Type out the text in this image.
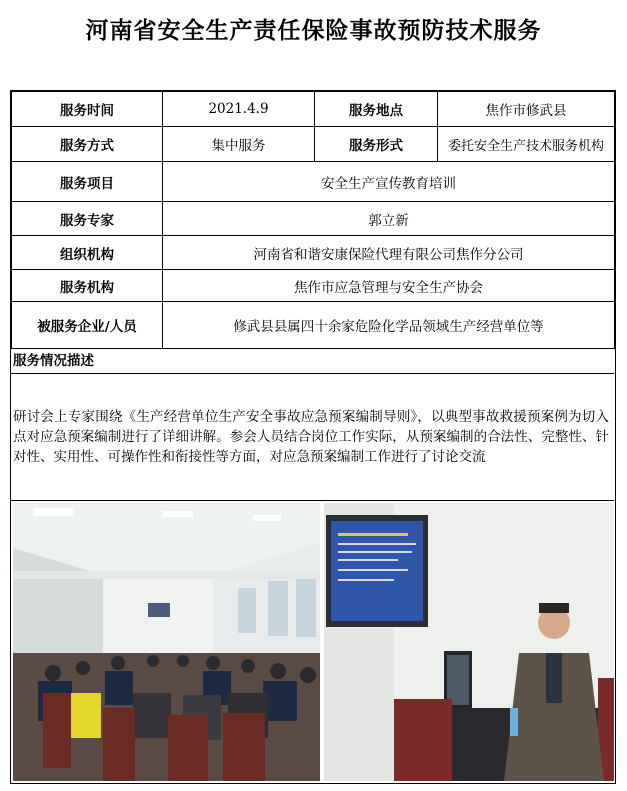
河南省安全生产责任保险事故预防技术服务
服务时间	2021.4.9	服务地点	焦作市修武县
服务方式	集中服务	服务形式	委托安全生产技术服务机构
服务项目	安全生产宣传教育培训		
服务专家	郭立新		
组织机构	河南省和谐安康保险代理有限公司焦作分公司		
服务机构	焦作市应急管理与安全生产协会		
被服务企业/人员	修武县县属四十余家危险化学品领域生产经营单位等		
服务情况描述
研讨会上专家围绕《生产经营单位生产安全事故应急预案编制导则》，以典型事故救援预案例为切入点对应急预案编制进行了详细讲解。参会人员结合岗位工作实际，从预案编制的合法性、完整性、针对性、实用性、可操作性和衔接性等方面，对应急预案编制工作进行了讨论交流
